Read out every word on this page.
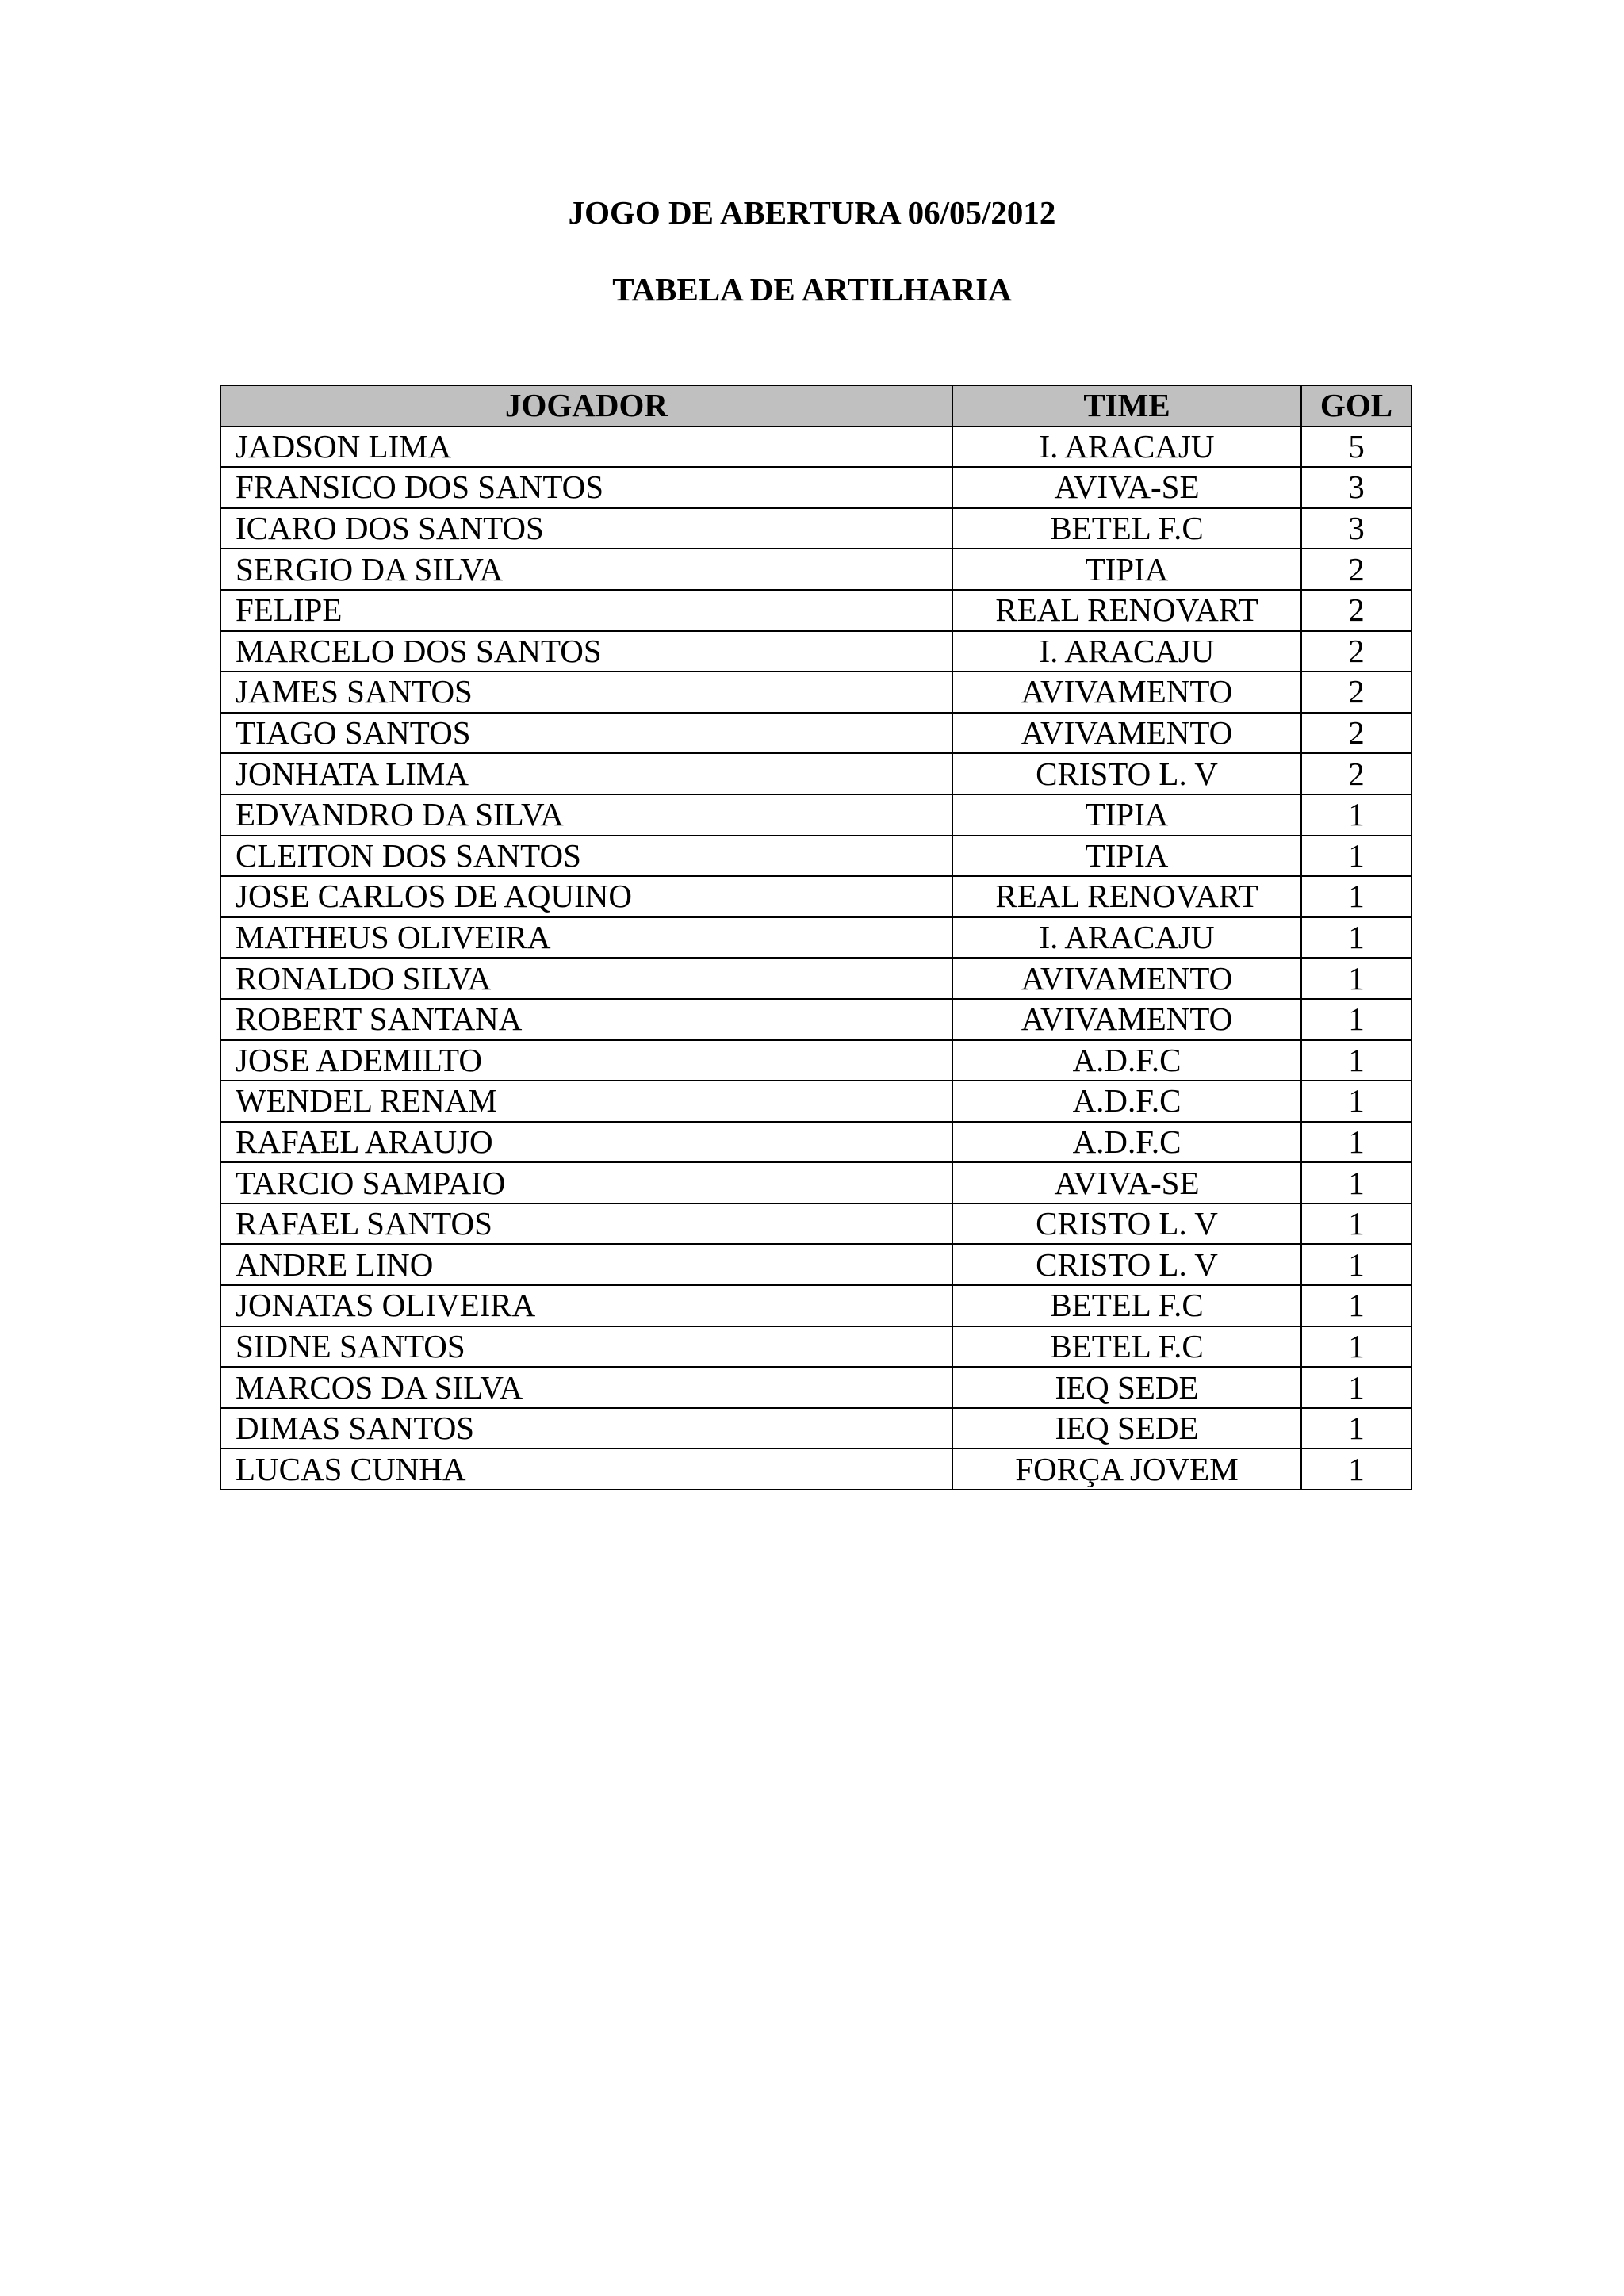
JOGO DE ABERTURA 06/05/2012
TABELA DE ARTILHARIA
JOGADOR	TIME	GOL
JADSON LIMA	I. ARACAJU	5
FRANSICO DOS SANTOS	AVIVA-SE	3
ICARO DOS SANTOS	BETEL F.C	3
SERGIO DA SILVA	TIPIA	2
FELIPE	REAL RENOVART	2
MARCELO DOS SANTOS	I. ARACAJU	2
JAMES SANTOS	AVIVAMENTO	2
TIAGO SANTOS	AVIVAMENTO	2
JONHATA LIMA	CRISTO L. V	2
EDVANDRO DA SILVA	TIPIA	1
CLEITON DOS SANTOS	TIPIA	1
JOSE CARLOS DE AQUINO	REAL RENOVART	1
MATHEUS OLIVEIRA	I. ARACAJU	1
RONALDO SILVA	AVIVAMENTO	1
ROBERT SANTANA	AVIVAMENTO	1
JOSE ADEMILTO	A.D.F.C	1
WENDEL RENAM	A.D.F.C	1
RAFAEL ARAUJO	A.D.F.C	1
TARCIO SAMPAIO	AVIVA-SE	1
RAFAEL SANTOS	CRISTO L. V	1
ANDRE LINO	CRISTO L. V	1
JONATAS OLIVEIRA	BETEL F.C	1
SIDNE SANTOS	BETEL F.C	1
MARCOS DA SILVA	IEQ SEDE	1
DIMAS SANTOS	IEQ SEDE	1
LUCAS CUNHA	FORÇA JOVEM	1
